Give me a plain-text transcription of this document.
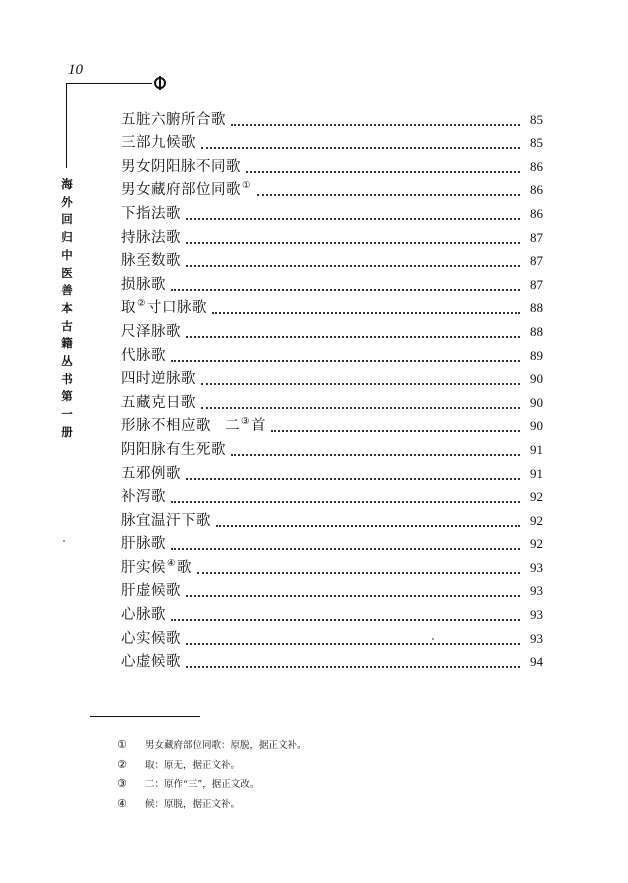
10
海
外
回
归
中
医
善
本
古
籍
丛
书
第
一
册
五脏六腑所合歌	85
三部九候歌	85
男女阴阳脉不同歌	86
男女藏府部位同歌①	86
下指法歌	86
持脉法歌	87
脉至数歌	87
损脉歌	87
取②寸口脉歌	88
尺泽脉歌	88
代脉歌	89
四时逆脉歌	90
五藏克日歌	90
形脉不相应歌 二③首	90
阴阳脉有生死歌	91
五邪例歌	91
补泻歌	92
脉宜温汗下歌	92
肝脉歌	92
肝实候④歌	93
肝虚候歌	93
心脉歌	93
心实候歌	93
心虚候歌	94
① 男女藏府部位同歌：原脱，据正文补。
② 取：原无，据正文补。
③ 二：原作“三”，据正文改。
④ 候：原脱，据正文补。
